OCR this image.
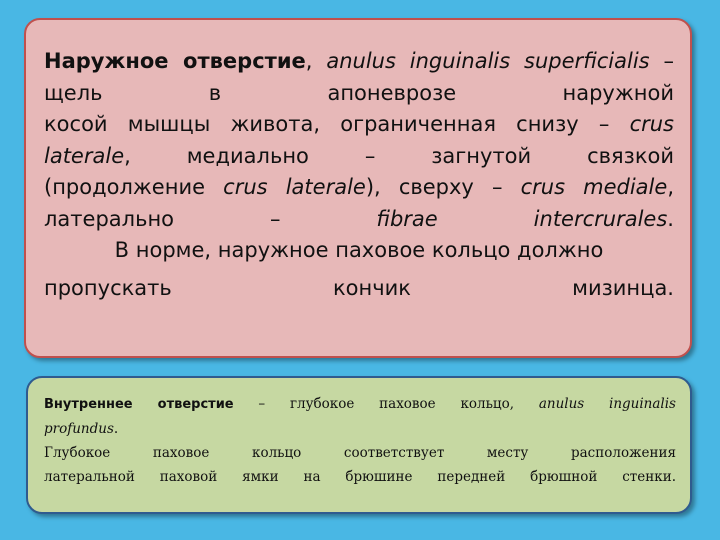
Наружное отверстие, anulus inguinalis superficialis –

щель	в	апоневрозе	наружной

косой мышцы живота, ограниченная снизу – crus

laterale,	медиально	–	загнутой	связкой

(продолжение crus laterale), сверху – crus mediale,

латерально	–	fibrae	intercrurales.

В норме, наружное паховое кольцо должно

пропускать	кончик	мизинца.

Внутреннее отверстие – глубокое паховое кольцо, anulus inguinalis

profundus.

Глубокое паховое кольцо соответствует месту расположения

латеральной паховой ямки на брюшине передней брюшной стенки.
